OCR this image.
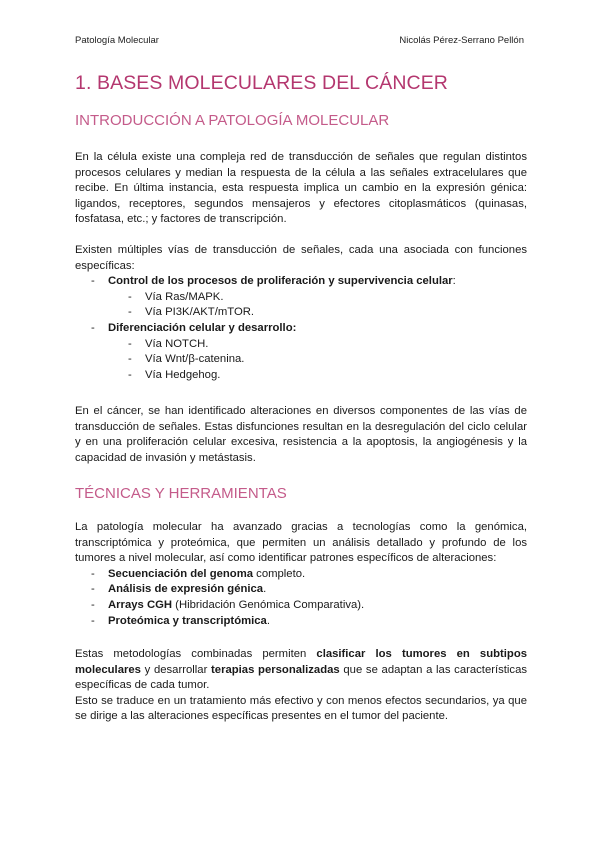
Patología Molecular	Nicolás Pérez-Serrano Pellón
1. BASES MOLECULARES DEL CÁNCER
INTRODUCCIÓN A PATOLOGÍA MOLECULAR

En la célula existe una compleja red de transducción de señales que regulan distintos procesos celulares y median la respuesta de la célula a las señales extracelulares que recibe. En última instancia, esta respuesta implica un cambio en la expresión génica: ligandos, receptores, segundos mensajeros y efectores citoplasmáticos (quinasas, fosfatasa, etc.; y factores de transcripción.

Existen múltiples vías de transducción de señales, cada una asociada con funciones específicas:

- Control de los procesos de proliferación y supervivencia celular:
- Vía Ras/MAPK.
- Vía PI3K/AKT/mTOR.
- Diferenciación celular y desarrollo:
- Vía NOTCH.
- Vía Wnt/β-catenina.
- Vía Hedgehog.

En el cáncer, se han identificado alteraciones en diversos componentes de las vías de transducción de señales. Estas disfunciones resultan en la desregulación del ciclo celular y en una proliferación celular excesiva, resistencia a la apoptosis, la angiogénesis y la capacidad de invasión y metástasis.

TÉCNICAS Y HERRAMIENTAS

La patología molecular ha avanzado gracias a tecnologías como la genómica, transcriptómica y proteómica, que permiten un análisis detallado y profundo de los tumores a nivel molecular, así como identificar patrones específicos de alteraciones:

- Secuenciación del genoma completo.
- Análisis de expresión génica.
- Arrays CGH (Hibridación Genómica Comparativa).
- Proteómica y transcriptómica.

Estas metodologías combinadas permiten clasificar los tumores en subtipos moleculares y desarrollar terapias personalizadas que se adaptan a las características específicas de cada tumor.

Esto se traduce en un tratamiento más efectivo y con menos efectos secundarios, ya que se dirige a las alteraciones específicas presentes en el tumor del paciente.
